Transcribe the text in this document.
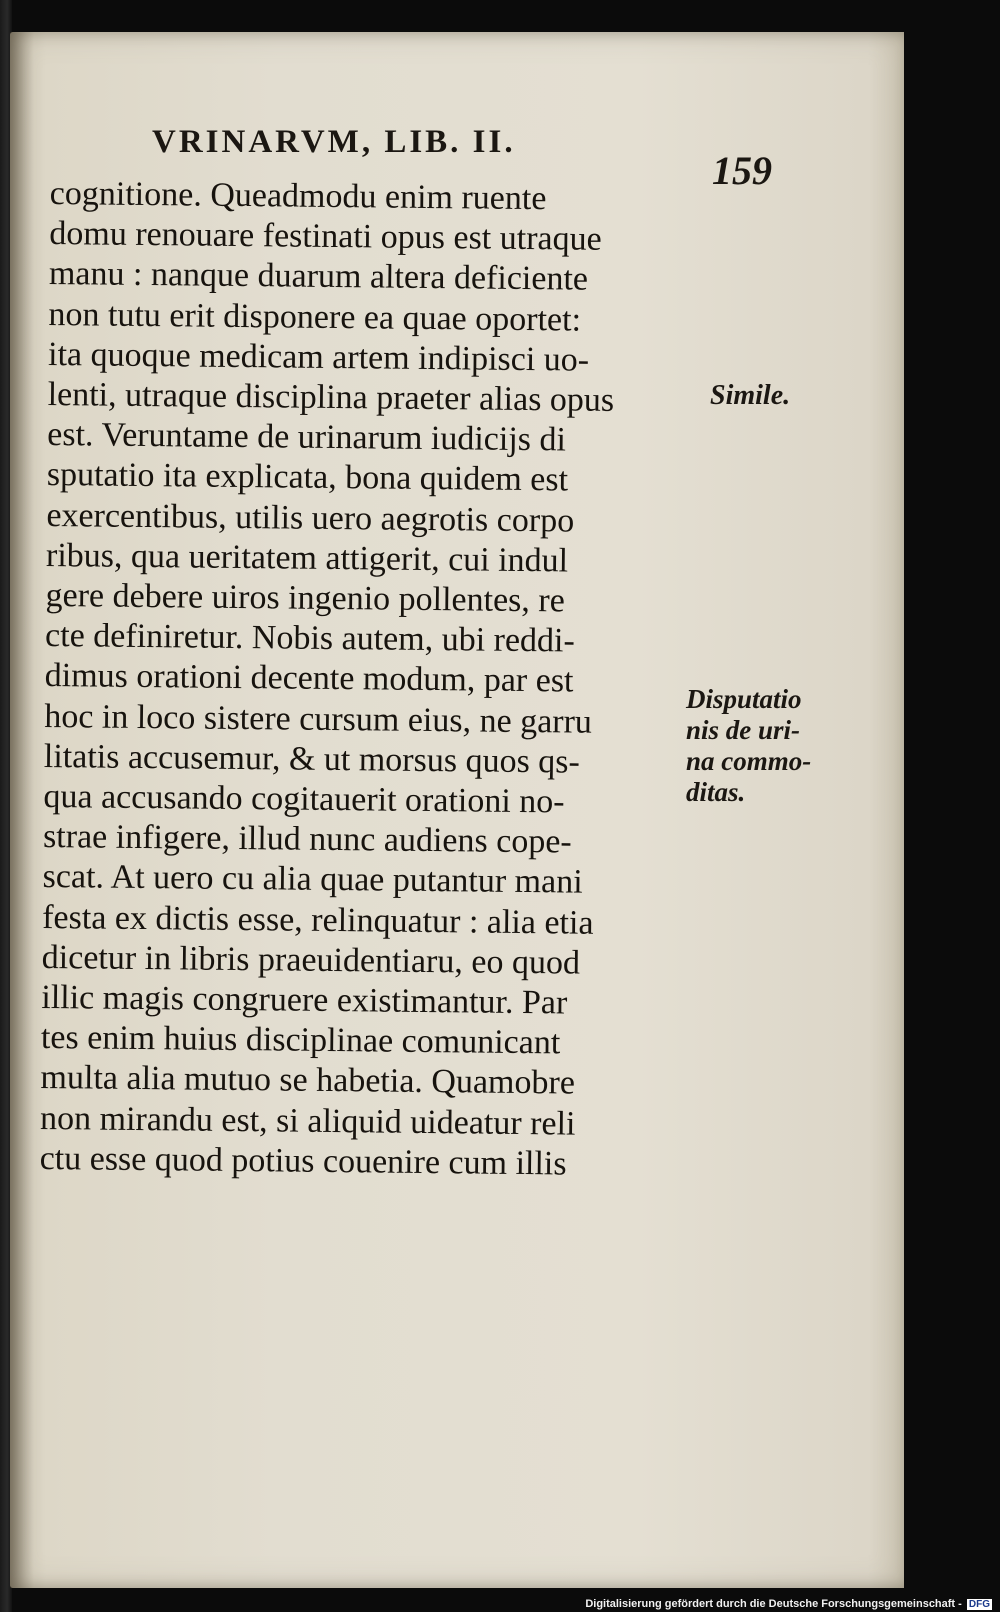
VRINARVM, LIB. II.
159
cognitione. Queadmodu enim ruente
domu renouare festinati opus est utraque
manu : nanque duarum altera deficiente
non tutu erit disponere ea quae oportet:
ita quoque medicam artem indipisci uo-
lenti, utraque disciplina praeter alias opus
est. Veruntame de urinarum iudicijs di
sputatio ita explicata, bona quidem est
exercentibus, utilis uero aegrotis corpo
ribus, qua ueritatem attigerit, cui indul
gere debere uiros ingenio pollentes, re
cte definiretur. Nobis autem, ubi reddi-
dimus orationi decente modum, par est
hoc in loco sistere cursum eius, ne garru
litatis accusemur, & ut morsus quos qs-
qua accusando cogitauerit orationi no-
strae infigere, illud nunc audiens cope-
scat. At uero cu alia quae putantur mani
festa ex dictis esse, relinquatur : alia etia
dicetur in libris praeuidentiaru, eo quod
illic magis congruere existimantur. Par
tes enim huius disciplinae comunicant
multa alia mutuo se habetia. Quamobre
non mirandu est, si aliquid uideatur reli
ctu esse quod potius couenire cum illis
Simile.
Disputatio
nis de uri-
na commo-
ditas.
Digitalisierung gefördert durch die Deutsche Forschungsgemeinschaft - DFG
